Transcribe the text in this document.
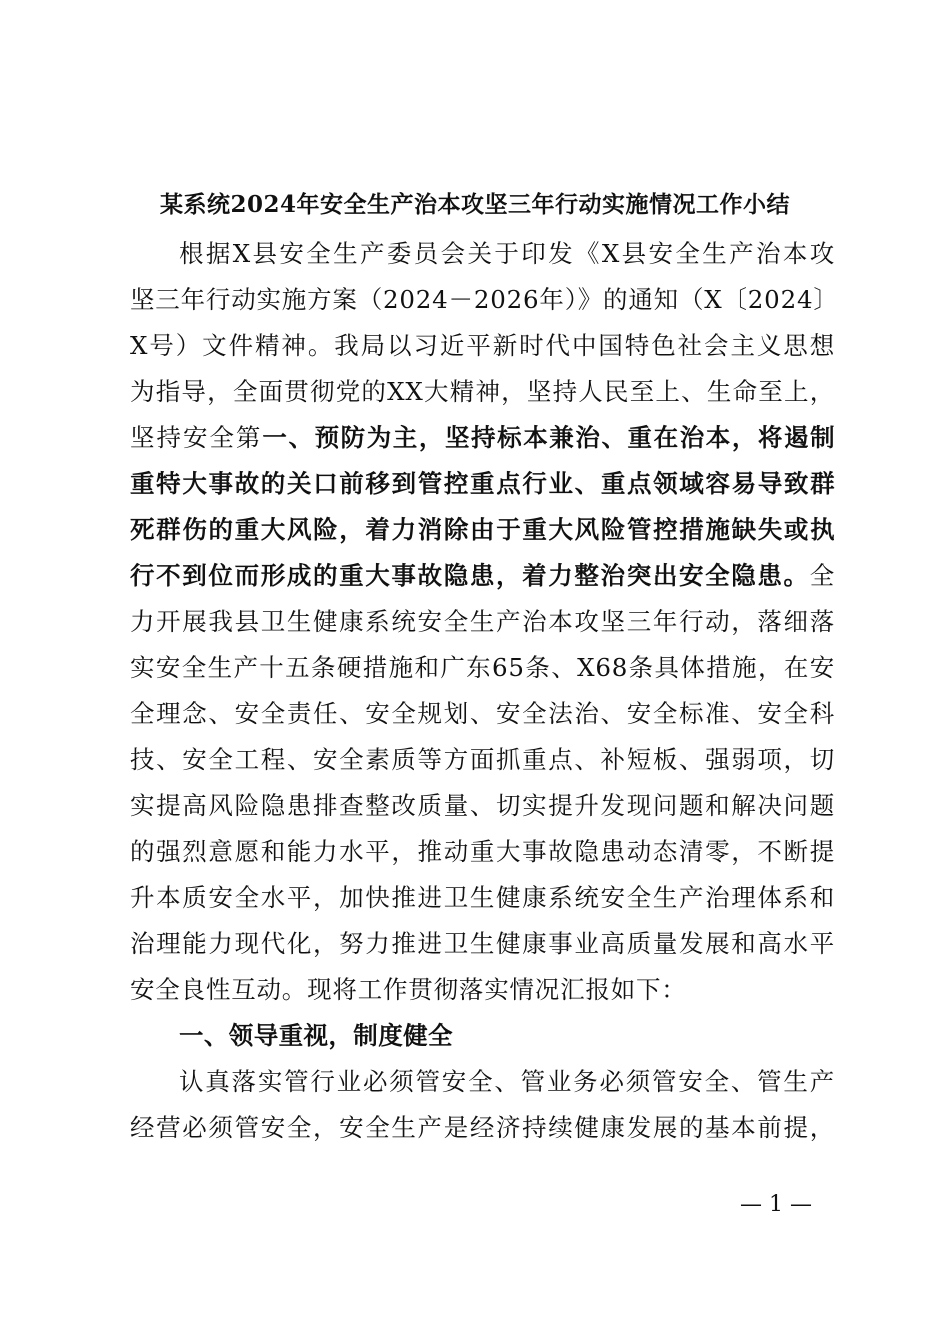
某系统2024年安全生产治本攻坚三年行动实施情况工作小结
根据X县安全生产委员会关于印发《X县安全生产治本攻
坚三年行动实施方案（2024－2026年）》的通知（X〔2024〕
X号）文件精神。我局以习近平新时代中国特色社会主义思想
为指导，全面贯彻党的XX大精神，坚持人民至上、生命至上，
坚持安全第一、预防为主，坚持标本兼治、重在治本，将遏制
重特大事故的关口前移到管控重点行业、重点领域容易导致群
死群伤的重大风险，着力消除由于重大风险管控措施缺失或执
行不到位而形成的重大事故隐患，着力整治突出安全隐患。全
力开展我县卫生健康系统安全生产治本攻坚三年行动，落细落
实安全生产十五条硬措施和广东65条、X68条具体措施，在安
全理念、安全责任、安全规划、安全法治、安全标准、安全科
技、安全工程、安全素质等方面抓重点、补短板、强弱项，切
实提高风险隐患排查整改质量、切实提升发现问题和解决问题
的强烈意愿和能力水平，推动重大事故隐患动态清零，不断提
升本质安全水平，加快推进卫生健康系统安全生产治理体系和
治理能力现代化，努力推进卫生健康事业高质量发展和高水平
安全良性互动。现将工作贯彻落实情况汇报如下：
一、领导重视，制度健全
认真落实管行业必须管安全、管业务必须管安全、管生产
经营必须管安全，安全生产是经济持续健康发展的基本前提，
— 1 —
